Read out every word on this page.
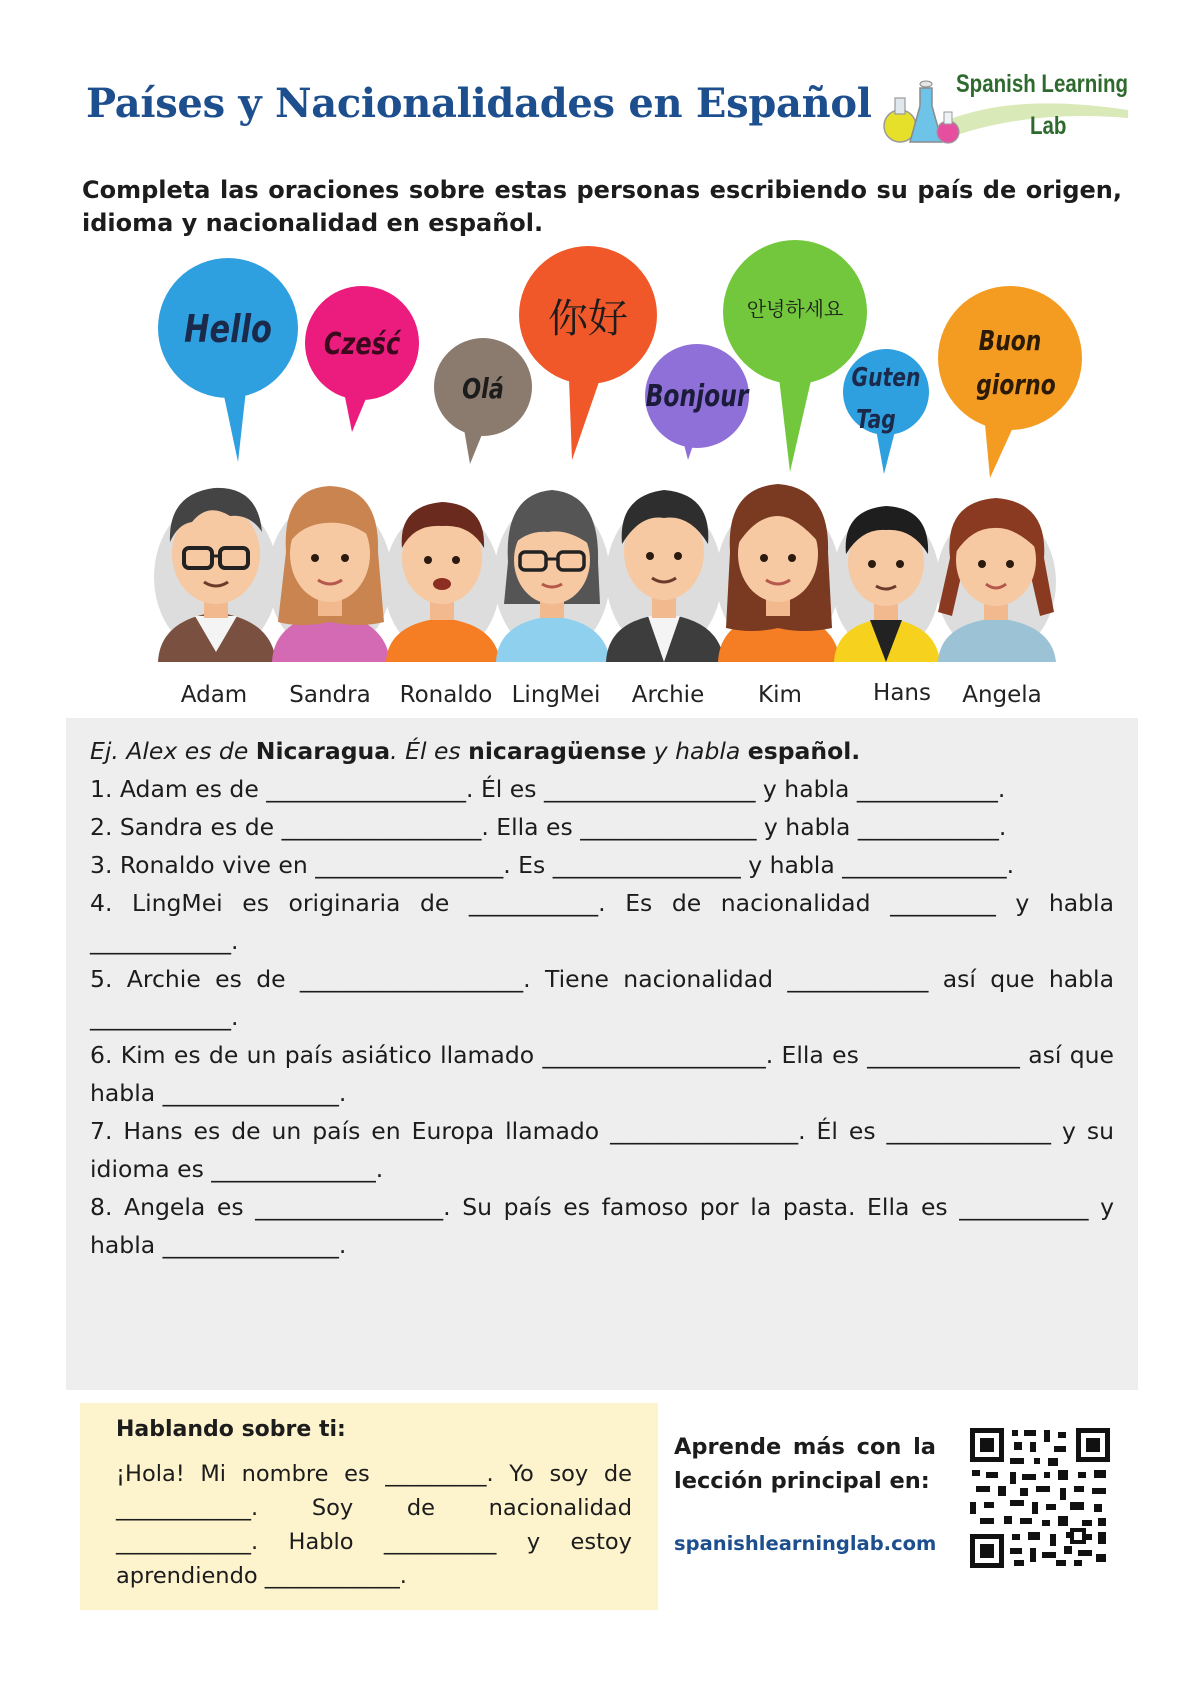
Países y Nacionalidades en Español	Spanish Learning
Lab
Completa las oraciones sobre estas personas escribiendo su país de origen, idioma y nacionalidad en español.
Hello Cześć
Olá
你好
Bonjour
안녕하세요
Guten
Tag
Buon
giorno
Adam Sandra Ronaldo LingMei Archie Kim	Hans Angela

Ej. Alex es de Nicaragua. Él es nicaragüense y habla español.

1. Adam es de _________________. Él es __________________ y habla ____________.

2. Sandra es de _________________. Ella es _______________ y habla ____________.

3. Ronaldo vive en ________________. Es ________________ y habla ______________.

4. LingMei es originaria de ___________. Es de nacionalidad _________ y habla ____________.

5. Archie es de ___________________. Tiene nacionalidad ____________ así que habla ____________.

6. Kim es de un país asiático llamado ___________________. Ella es _____________ así que habla _______________.

7. Hans es de un país en Europa llamado ________________. Él es ______________ y su idioma es ______________.

8. Angela es ________________. Su país es famoso por la pasta. Ella es ___________ y habla _______________.

Hablando sobre ti:
¡Hola! Mi nombre es _________. Yo soy de ____________. Soy de nacionalidad ____________. Hablo __________ y estoy aprendiendo ____________.
Aprende más con la lección principal en:
spanishlearninglab.com
